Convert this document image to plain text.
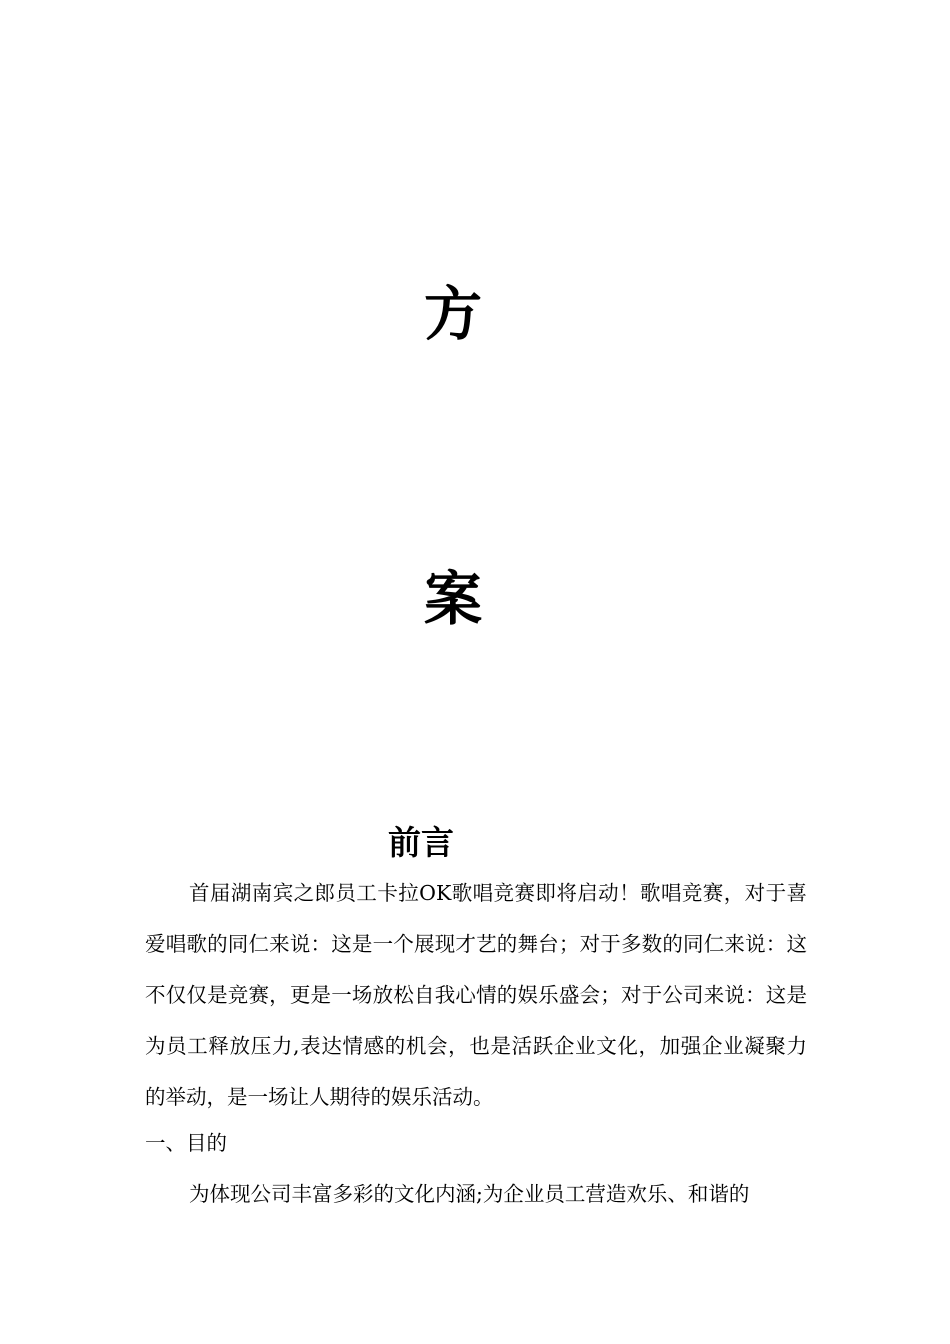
方
案
前言
首届湖南宾之郎员工卡拉OK歌唱竞赛即将启动！歌唱竞赛，对于喜爱唱歌的同仁来说：这是一个展现才艺的舞台；对于多数的同仁来说：这不仅仅是竞赛，更是一场放松自我心情的娱乐盛会；对于公司来说：这是为员工释放压力,表达情感的机会，也是活跃企业文化，加强企业凝聚力的举动，是一场让人期待的娱乐活动。
一、目的
为体现公司丰富多彩的文化内涵;为企业员工营造欢乐、和谐的
